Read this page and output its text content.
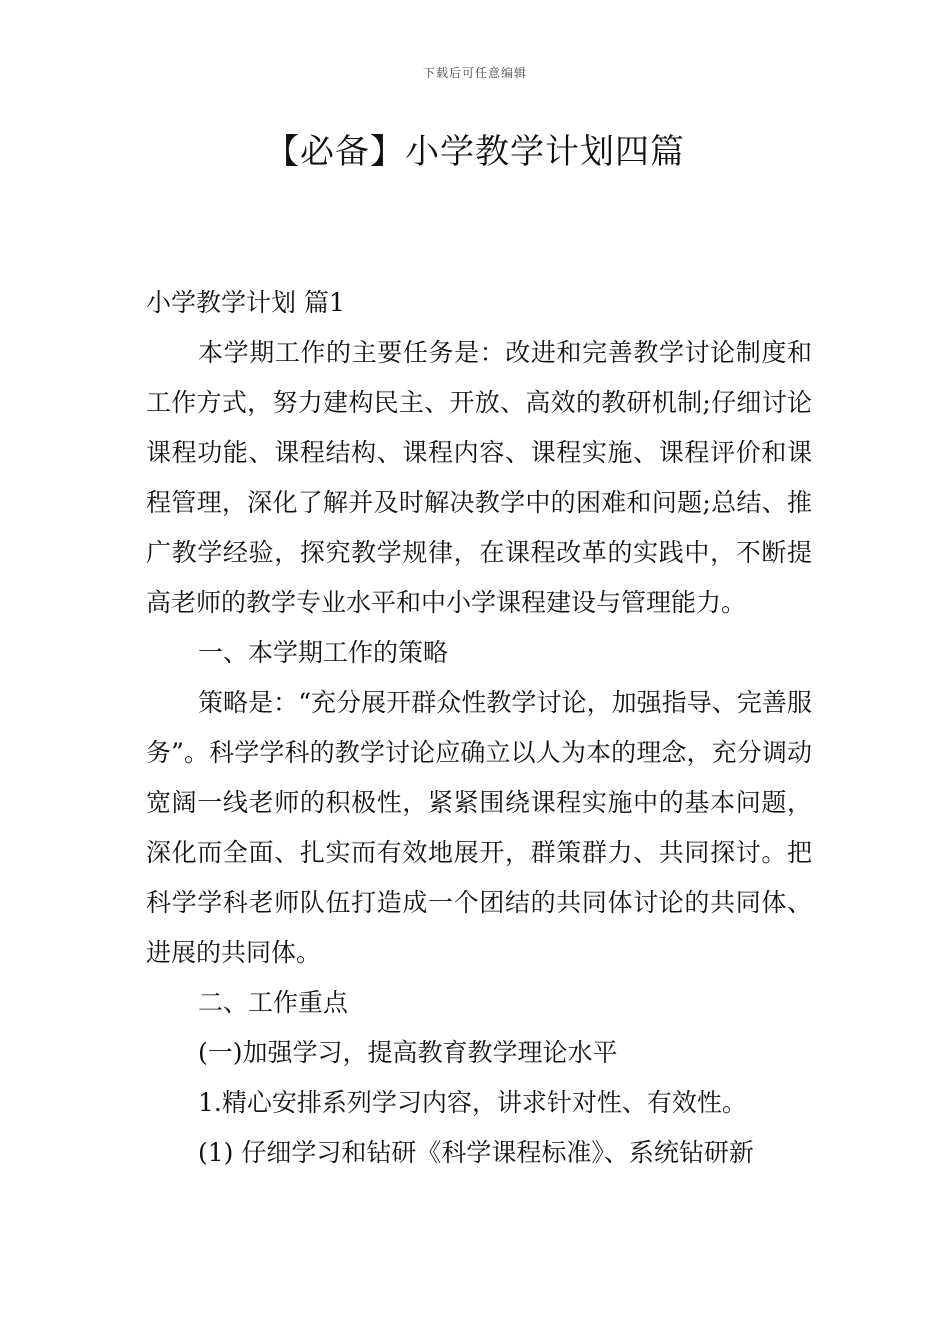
下载后可任意编辑
【必备】小学教学计划四篇

小学教学计划 篇1

本学期工作的主要任务是：改进和完善教学讨论制度和工作方式，努力建构民主、开放、高效的教研机制;仔细讨论课程功能、课程结构、课程内容、课程实施、课程评价和课程管理，深化了解并及时解决教学中的困难和问题;总结、推广教学经验，探究教学规律，在课程改革的实践中，不断提高老师的教学专业水平和中小学课程建设与管理能力。

一、本学期工作的策略

策略是：“充分展开群众性教学讨论，加强指导、完善服务”。科学学科的教学讨论应确立以人为本的理念，充分调动宽阔一线老师的积极性，紧紧围绕课程实施中的基本问题，深化而全面、扎实而有效地展开，群策群力、共同探讨。把科学学科老师队伍打造成一个团结的共同体讨论的共同体、进展的共同体。

二、工作重点

(一)加强学习，提高教育教学理论水平

1.精心安排系列学习内容，讲求针对性、有效性。

(1) 仔细学习和钻研《科学课程标准》、系统钻研新
